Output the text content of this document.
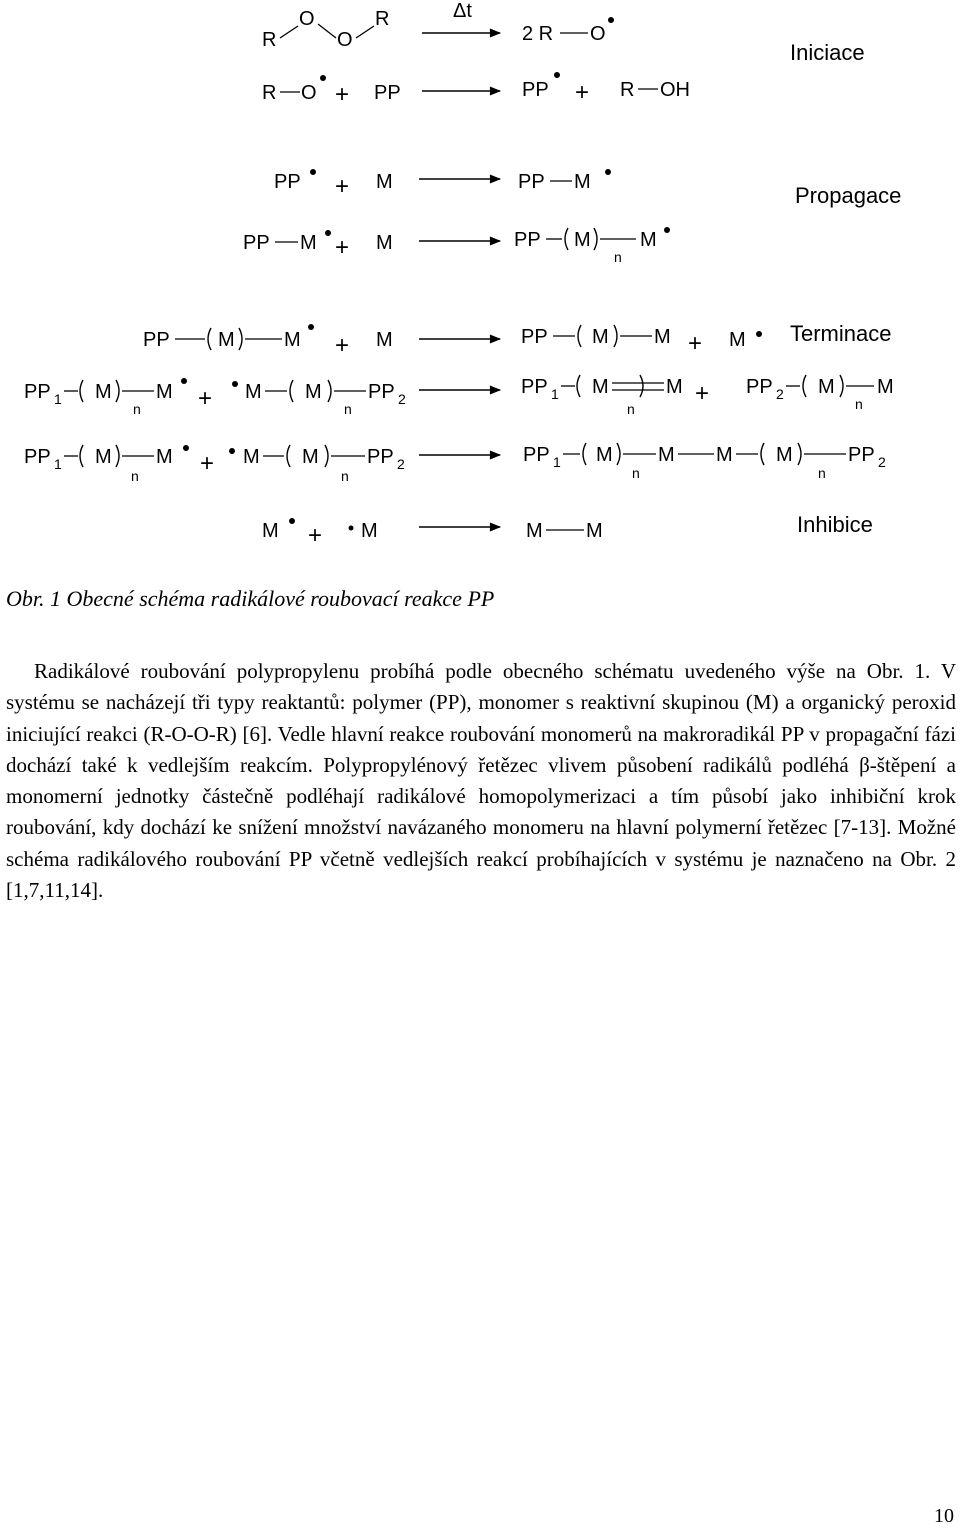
Iniciace
Propagace
Terminace
Inhibice
R
O
O
R	Δt
2 R O
R O + PP	PP + R OH
PP + M	PP M
PP M + M	PP M
n
M
PP M M + M	PP M M + M
PP 1 M
n
M + M M
n
PP 2
PP 1 M
n
M + PP 2 M
n
M
PP 1 M
n
M + M M
n
PP 2	PP 1 M
n
M M M
n
PP 2
M + M	M M

Obr. 1 Obecné schéma radikálové roubovací reakce PP

Radikálové roubování polypropylenu probíhá podle obecného schématu uvedeného výše na Obr. 1. V systému se nacházejí tři typy reaktantů: polymer (PP), monomer s reaktivní skupinou (M) a organický peroxid iniciující reakci (R-O-O-R) [6]. Vedle hlavní reakce roubování monomerů na makroradikál PP v propagační fázi dochází také k vedlejším reakcím. Polypropylénový řetězec vlivem působení radikálů podléhá β-štěpení a monomerní jednotky částečně podléhají radikálové homopolymerizaci a tím působí jako inhibiční krok roubování, kdy dochází ke snížení množství navázaného monomeru na hlavní polymerní řetězec [7-13]. Možné schéma radikálového roubování PP včetně vedlejších reakcí probíhajících v systému je naznačeno na Obr. 2 [1,7,11,14].

10
